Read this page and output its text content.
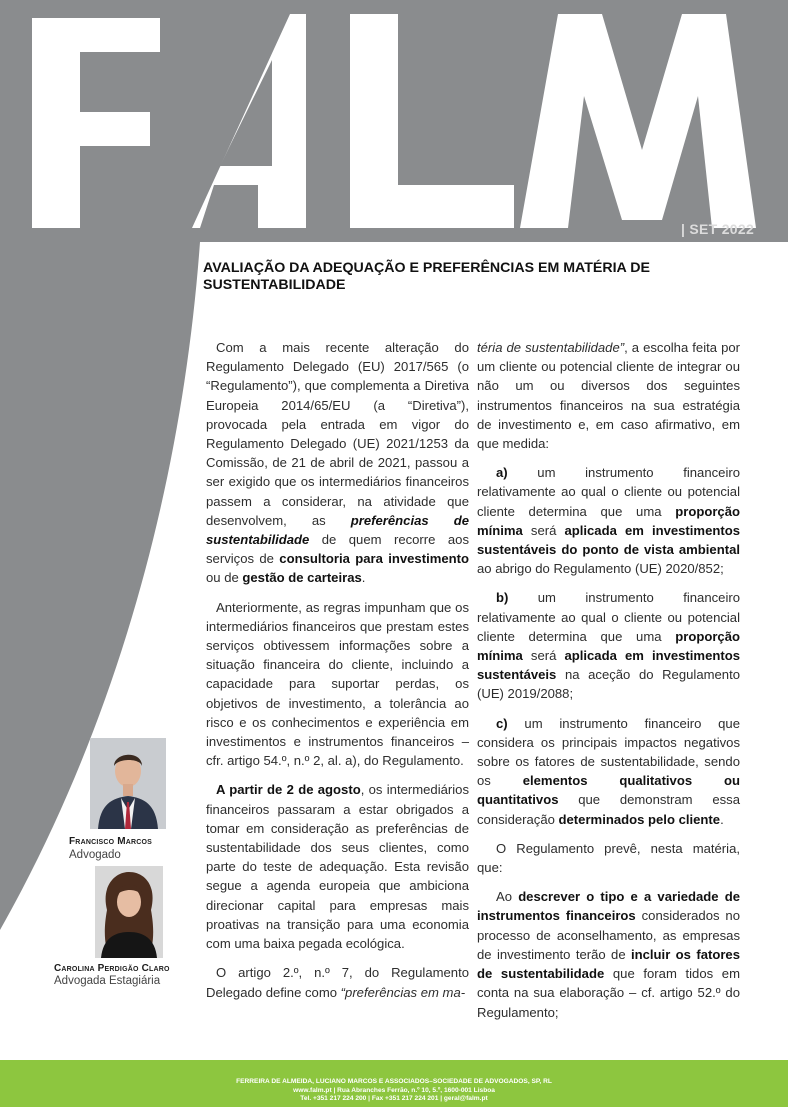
| SET 2022
AVALIAÇÃO DA ADEQUAÇÃO E PREFERÊNCIAS EM MATÉRIA DE SUSTENTABILIDADE

Com a mais recente alteração do Regulamento Delegado (EU) 2017/565 (o “Regulamento”), que complementa a Diretiva Europeia 2014/65/EU (a “Diretiva”), provocada pela entrada em vigor do Regulamento Delegado (UE) 2021/1253 da Comissão, de 21 de abril de 2021, passou a ser exigido que os intermediários financeiros passem a considerar, na atividade que desenvolvem, as preferências de sustentabilidade de quem recorre aos serviços de consultoria para investimento ou de gestão de carteiras.

Anteriormente, as regras impunham que os intermediários financeiros que prestam estes serviços obtivessem informações sobre a situação financeira do cliente, incluindo a capacidade para suportar perdas, os objetivos de investimento, a tolerância ao risco e os conhecimentos e experiência em investimentos e instrumentos financeiros – cfr. artigo 54.º, n.º 2, al. a), do Regulamento.

A partir de 2 de agosto, os intermediários financeiros passaram a estar obrigados a tomar em consideração as preferências de sustentabilidade dos seus clientes, como parte do teste de adequação. Esta revisão segue a agenda europeia que ambiciona direcionar capital para empresas mais proativas na transição para uma economia com uma baixa pegada ecológica.

O artigo 2.º, n.º 7, do Regulamento Delegado define como “preferências em ma-

téria de sustentabilidade”, a escolha feita por um cliente ou potencial cliente de integrar ou não um ou diversos dos seguintes instrumentos financeiros na sua estratégia de investimento e, em caso afirmativo, em que medida:

a) um instrumento financeiro relativamente ao qual o cliente ou potencial cliente determina que uma proporção mínima será aplicada em investimentos sustentáveis do ponto de vista ambiental ao abrigo do Regulamento (UE) 2020/852;

b) um instrumento financeiro relativamente ao qual o cliente ou potencial cliente determina que uma proporção mínima será aplicada em investimentos sustentáveis na aceção do Regulamento (UE) 2019/2088;

c) um instrumento financeiro que considera os principais impactos negativos sobre os fatores de sustentabilidade, sendo os elementos qualitativos ou quantitativos que demonstram essa consideração determinados pelo cliente.

O Regulamento prevê, nesta matéria, que:

Ao descrever o tipo e a variedade de instrumentos financeiros considerados no processo de aconselhamento, as empresas de investimento terão de incluir os fatores de sustentabilidade que foram tidos em conta na sua elaboração – cf. artigo 52.º do Regulamento;

Francisco Marcos
Advogado
Carolina Perdigão Claro
Advogada Estagiária
FERREIRA DE ALMEIDA, LUCIANO MARCOS E ASSOCIADOS–SOCIEDADE DE ADVOGADOS, SP, RL
www.falm.pt | Rua Abranches Ferrão, n.º 10, 5.º, 1600-001 Lisboa
Tel. +351 217 224 200 | Fax +351 217 224 201 | geral@falm.pt
